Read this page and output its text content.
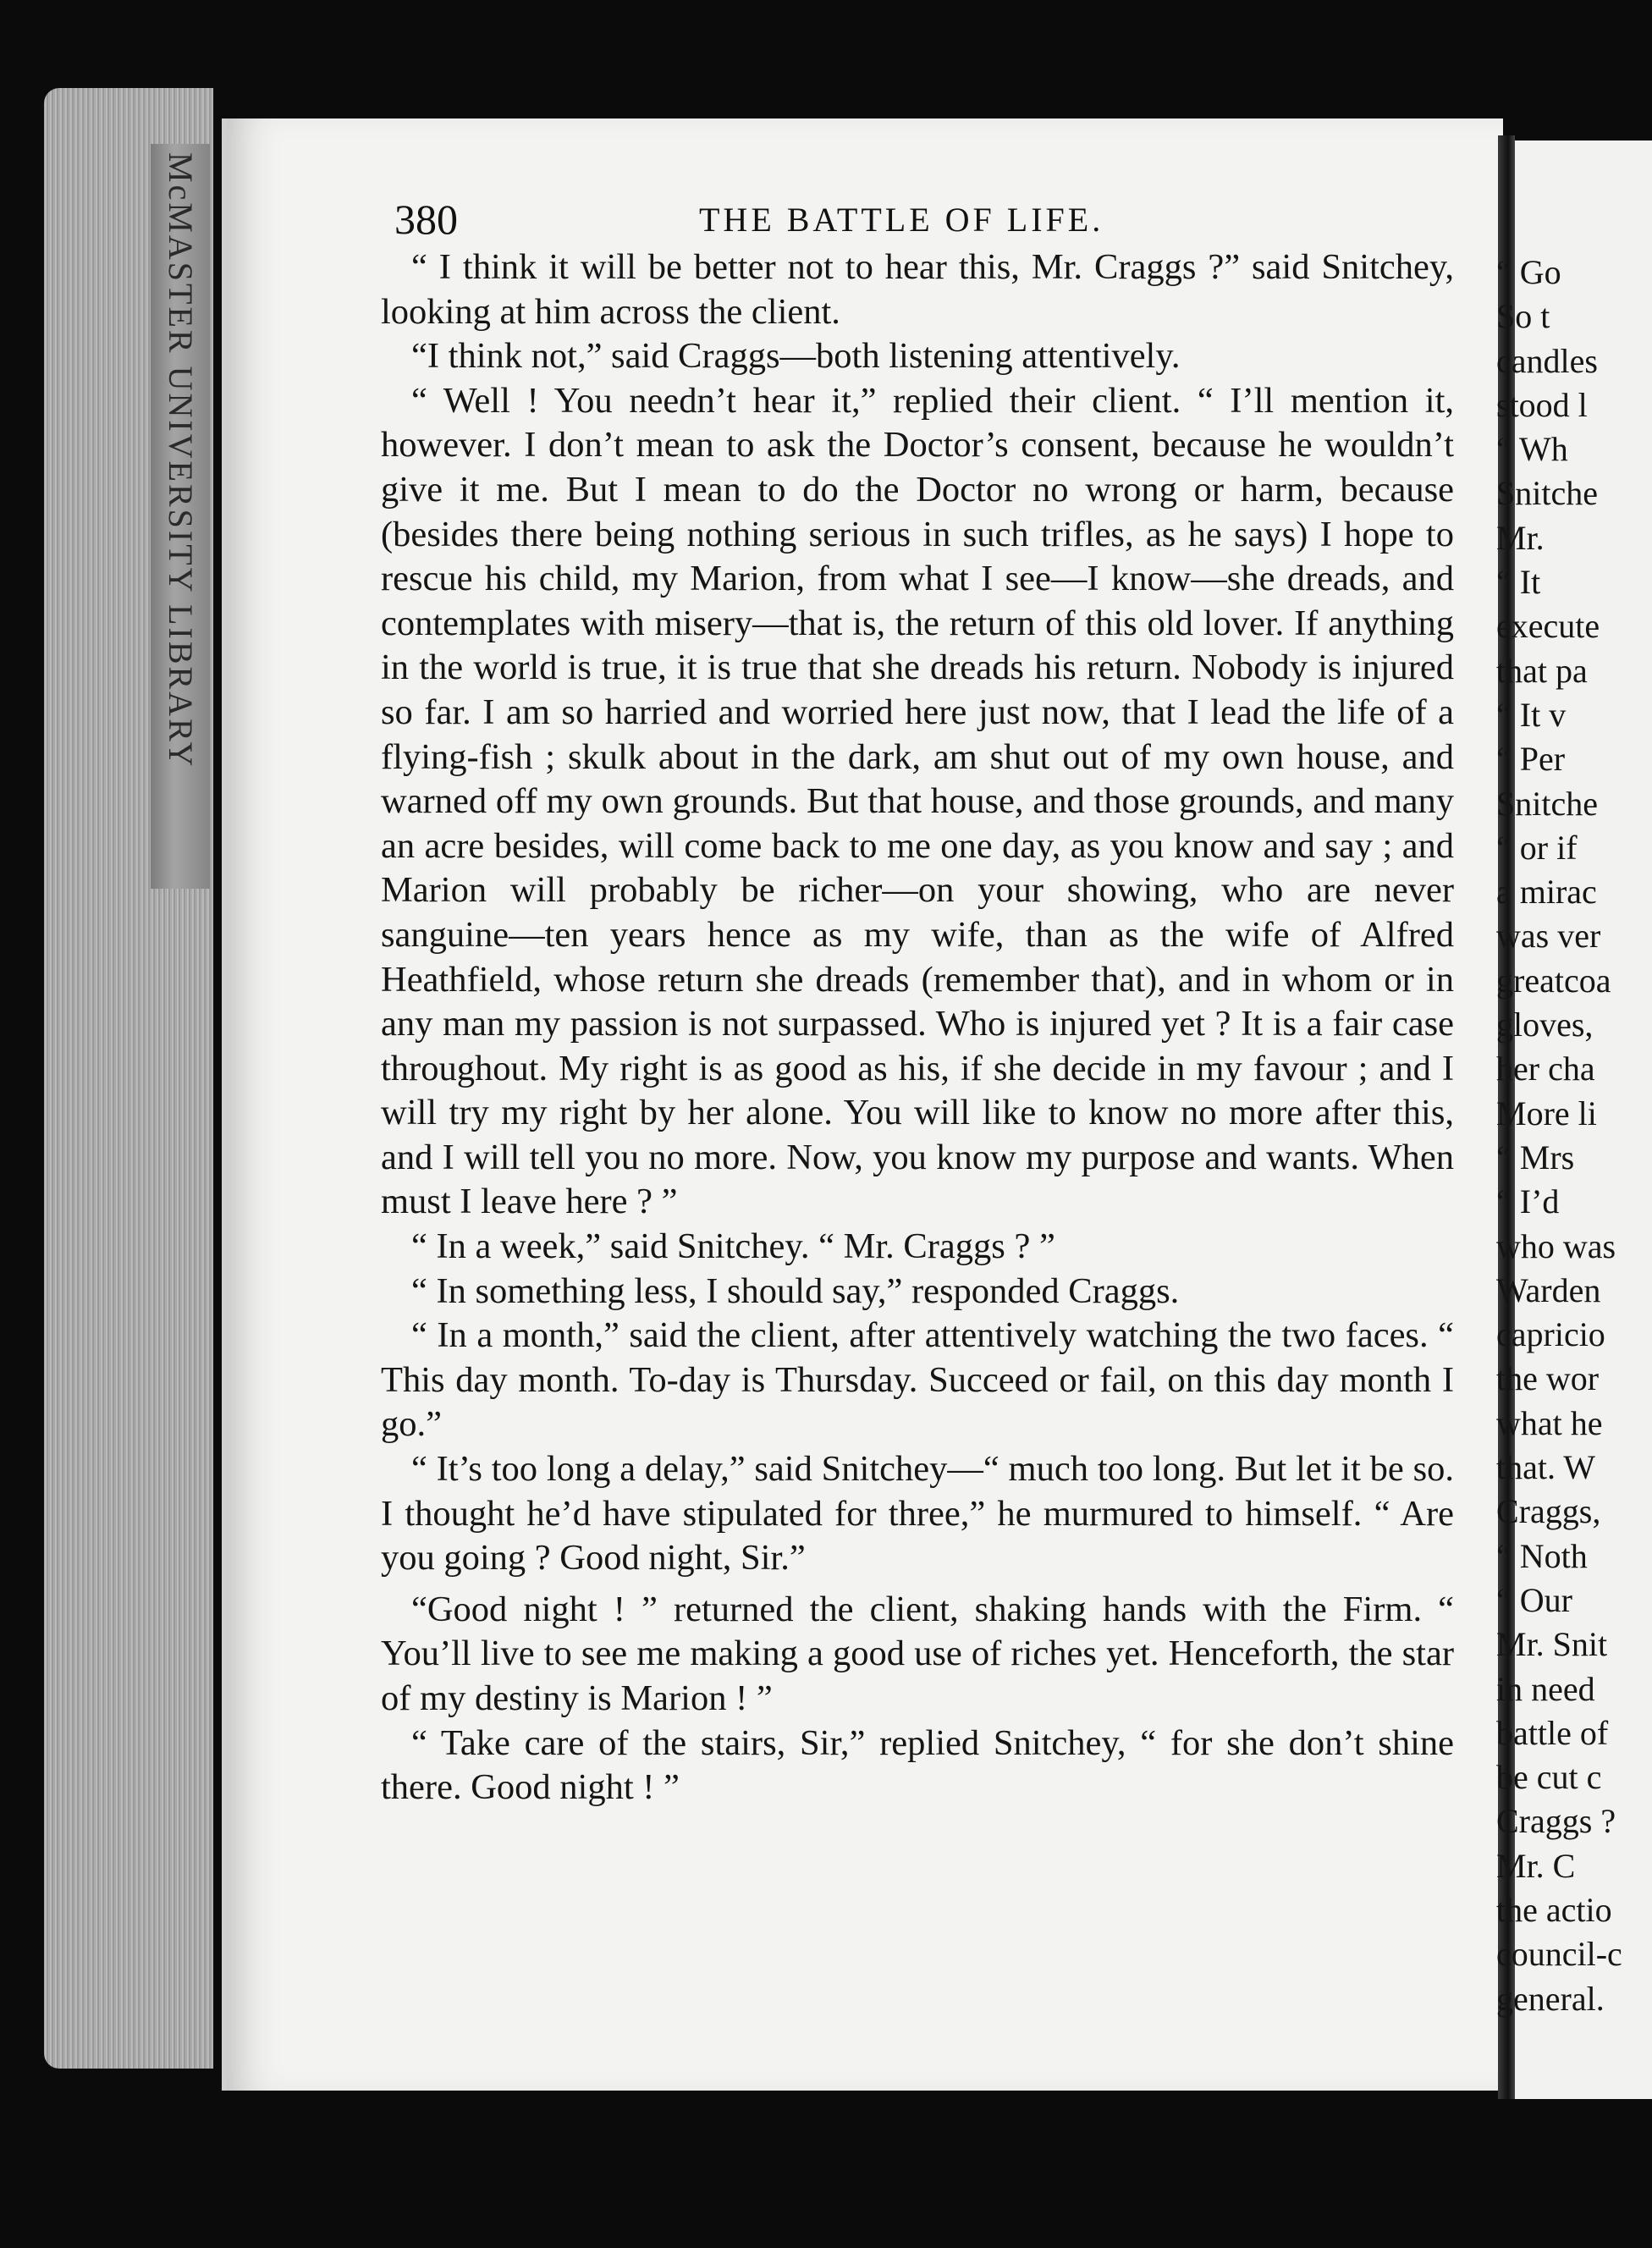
McMASTER UNIVERSITY LIBRARY	380	THE BATTLE OF LIFE.

“ I think it will be better not to hear this, Mr. Craggs ?” said Snitchey, looking at him across the client.

“I think not,” said Craggs—both listening attentively.

“ Well ! You needn’t hear it,” replied their client. “ I’ll mention it, however. I don’t mean to ask the Doctor’s consent, because he wouldn’t give it me. But I mean to do the Doctor no wrong or harm, because (besides there being nothing serious in such trifles, as he says) I hope to rescue his child, my Marion, from what I see—I know—she dreads, and contemplates with misery—that is, the return of this old lover. If anything in the world is true, it is true that she dreads his return. Nobody is injured so far. I am so harried and worried here just now, that I lead the life of a flying-fish ; skulk about in the dark, am shut out of my own house, and warned off my own grounds. But that house, and those grounds, and many an acre besides, will come back to me one day, as you know and say ; and Marion will probably be richer—on your showing, who are never sanguine—ten years hence as my wife, than as the wife of Alfred Heathfield, whose return she dreads (remember that), and in whom or in any man my passion is not surpassed. Who is injured yet ? It is a fair case throughout. My right is as good as his, if she decide in my favour ; and I will try my right by her alone. You will like to know no more after this, and I will tell you no more. Now, you know my purpose and wants. When must I leave here ? ”

“ In a week,” said Snitchey. “ Mr. Craggs ? ”

“ In something less, I should say,” responded Craggs.

“ In a month,” said the client, after attentively watching the two faces. “ This day month. To-day is Thursday. Succeed or fail, on this day month I go.”

“ It’s too long a delay,” said Snitchey—“ much too long. But let it be so. I thought he’d have stipulated for three,” he murmured to himself. “ Are you going ? Good night, Sir.”

“Good night ! ” returned the client, shaking hands with the Firm. “ You’ll live to see me making a good use of riches yet. Henceforth, the star of my destiny is Marion ! ”

“ Take care of the stairs, Sir,” replied Snitchey, “ for she don’t shine there. Good night ! ”

“ Go
So t
candles
stood l
“ Wh
Snitche
Mr.
“ It
execute
that pa
“ It v
“ Per
Snitche
“ or if
a mirac
was ver
greatcoa
gloves,
her cha
More li
“ Mrs
“ I’d
who was
Warden
capricio
the wor
what he
that. W
Craggs,
“ Noth
“ Our
Mr. Snit
in need
battle of
be cut c
Craggs ?
Mr. C
the actio
council-c
general.
